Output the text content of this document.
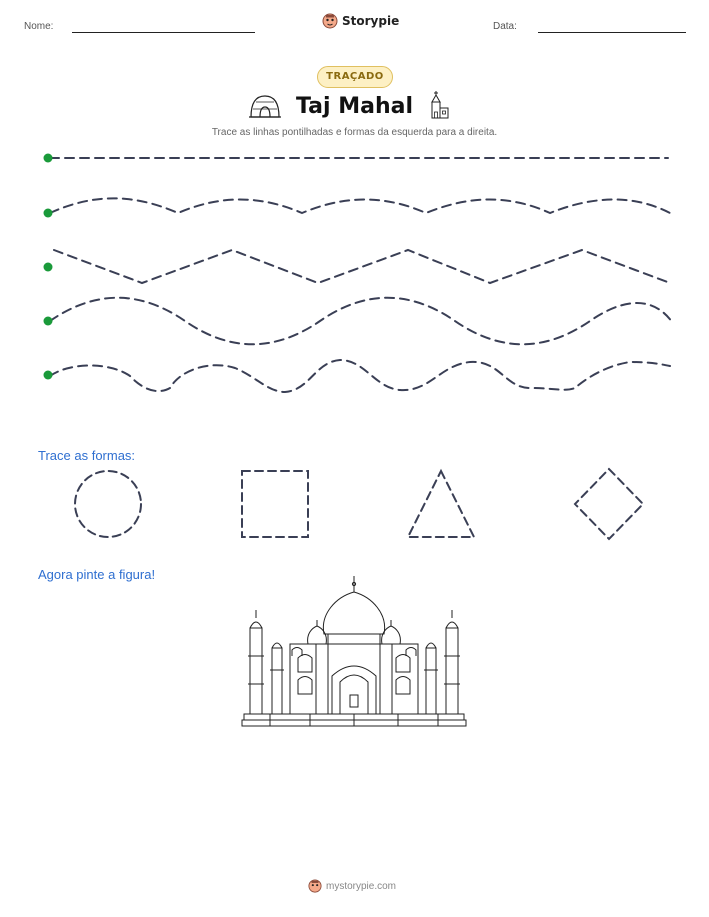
Nome:	Storypie	Data:
TRAÇADO
Taj Mahal
Trace as linhas pontilhadas e formas da esquerda para a direita.
Trace as formas:
Agora pinte a figura!
mystorypie.com
